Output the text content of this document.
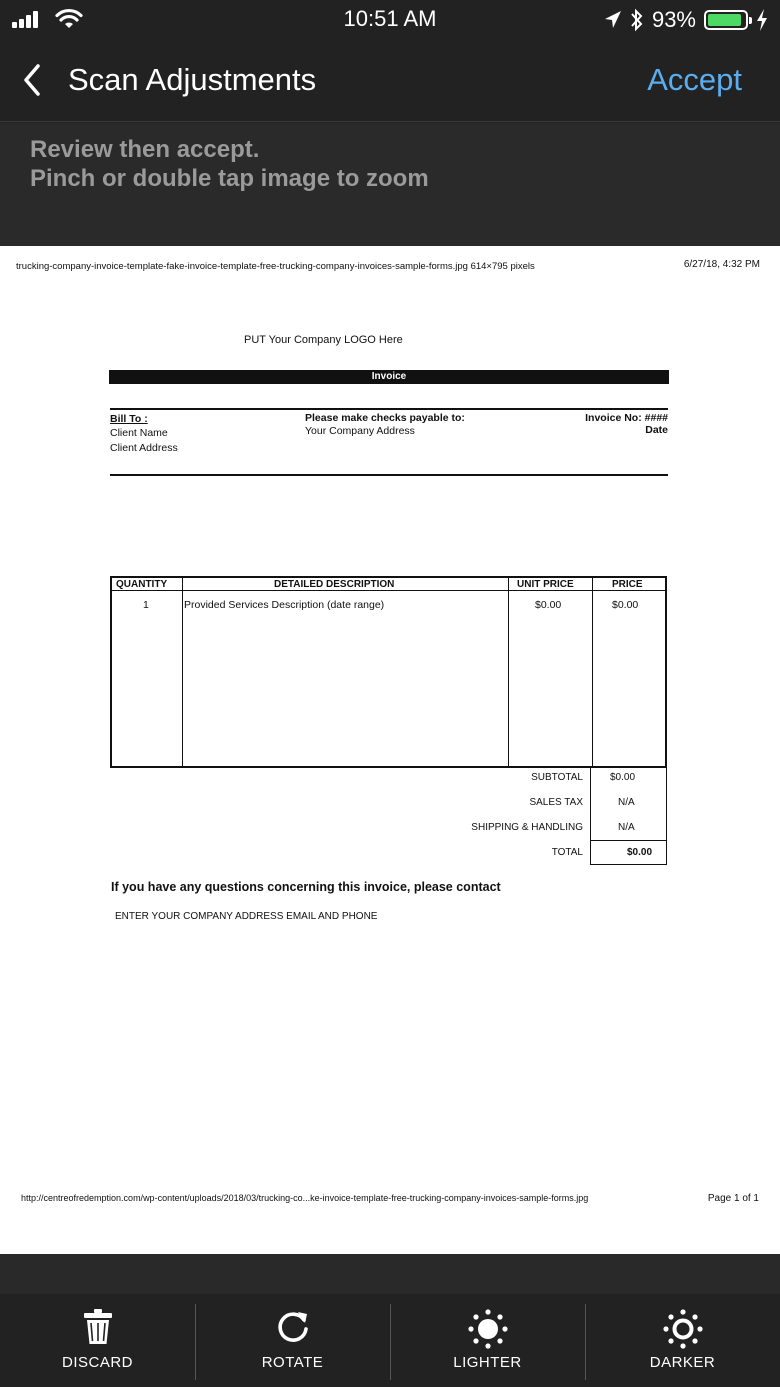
10:51 AM	93%
Scan Adjustments	Accept
Review then accept.
Pinch or double tap image to zoom
trucking-company-invoice-template-fake-invoice-template-free-trucking-company-invoices-sample-forms.jpg 614×795 pixels	6/27/18, 4:32 PM
PUT Your Company LOGO Here
Invoice
Bill To :
Client Name
Client Address
Please make checks payable to:
Your Company Address
Invoice No: ####
Date
QUANTITY	DETAILED DESCRIPTION	UNIT PRICE	PRICE
1	Provided Services Description (date range)	$0.00	$0.00
SUBTOTAL	$0.00
SALES TAX	N/A
SHIPPING & HANDLING	N/A
TOTAL	$0.00
If you have any questions concerning this invoice, please contact
ENTER YOUR COMPANY ADDRESS EMAIL AND PHONE
http://centreofredemption.com/wp-content/uploads/2018/03/trucking-co...ke-invoice-template-free-trucking-company-invoices-sample-forms.jpg	Page 1 of 1
DISCARD	ROTATE	LIGHTER	DARKER
